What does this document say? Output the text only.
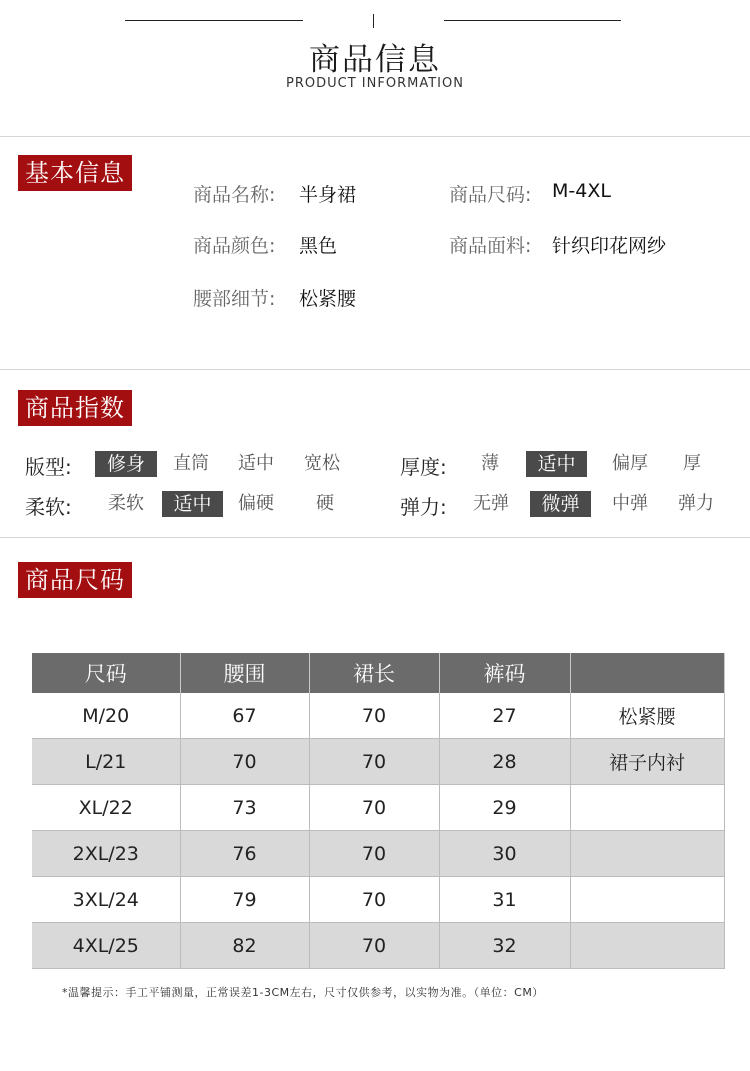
商品信息
PRODUCT INFORMATION
基本信息
商品名称: 半身裙	商品尺码: M-4XL
商品颜色: 黑色	商品面料: 针织印花网纱
腰部细节: 松紧腰
商品指数
版型:	修身	直筒	适中	宽松	厚度:	薄	适中	偏厚	厚
柔软:	柔软	适中	偏硬	硬	弹力:	无弹	微弹	中弹	弹力
商品尺码
尺码	腰围	裙长	裤码	
M/20	67	70	27	松紧腰
L/21	70	70	28	裙子内衬
XL/22	73	70	29	
2XL/23	76	70	30	
3XL/24	79	70	31	
4XL/25	82	70	32	
*温馨提示：手工平铺测量，正常误差1-3CM左右，尺寸仅供参考，以实物为准。（单位：CM）
